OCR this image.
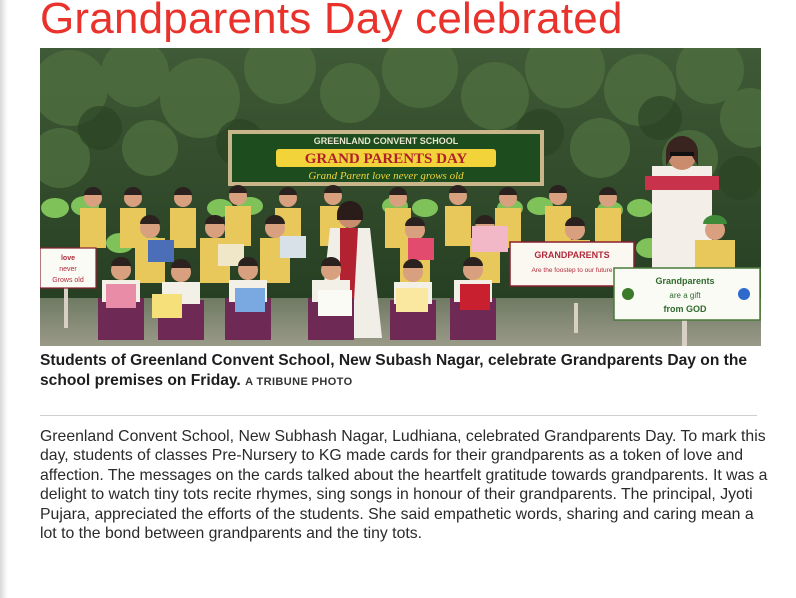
Grandparents Day celebrated
GREENLAND CONVENT SCHOOL
GRAND PARENTS DAY
Grand Parent love never grows old
GRANDPARENTS
Are the foostep to our future
Grandparents
are a gift
from GOD
love
never
Grows old

Students of Greenland Convent School, New Subash Nagar, celebrate Grandparents Day on the school premises on Friday. A TRIBUNE PHOTO

Greenland Convent School, New Subhash Nagar, Ludhiana, celebrated Grandparents Day. To mark this day, students of classes Pre-Nursery to KG made cards for their grandparents as a token of love and affection. The messages on the cards talked about the heartfelt gratitude towards grandparents. It was a delight to watch tiny tots recite rhymes, sing songs in honour of their grandparents. The principal, Jyoti Pujara, appreciated the efforts of the students. She said empathetic words, sharing and caring mean a lot to the bond between grandparents and the tiny tots.
